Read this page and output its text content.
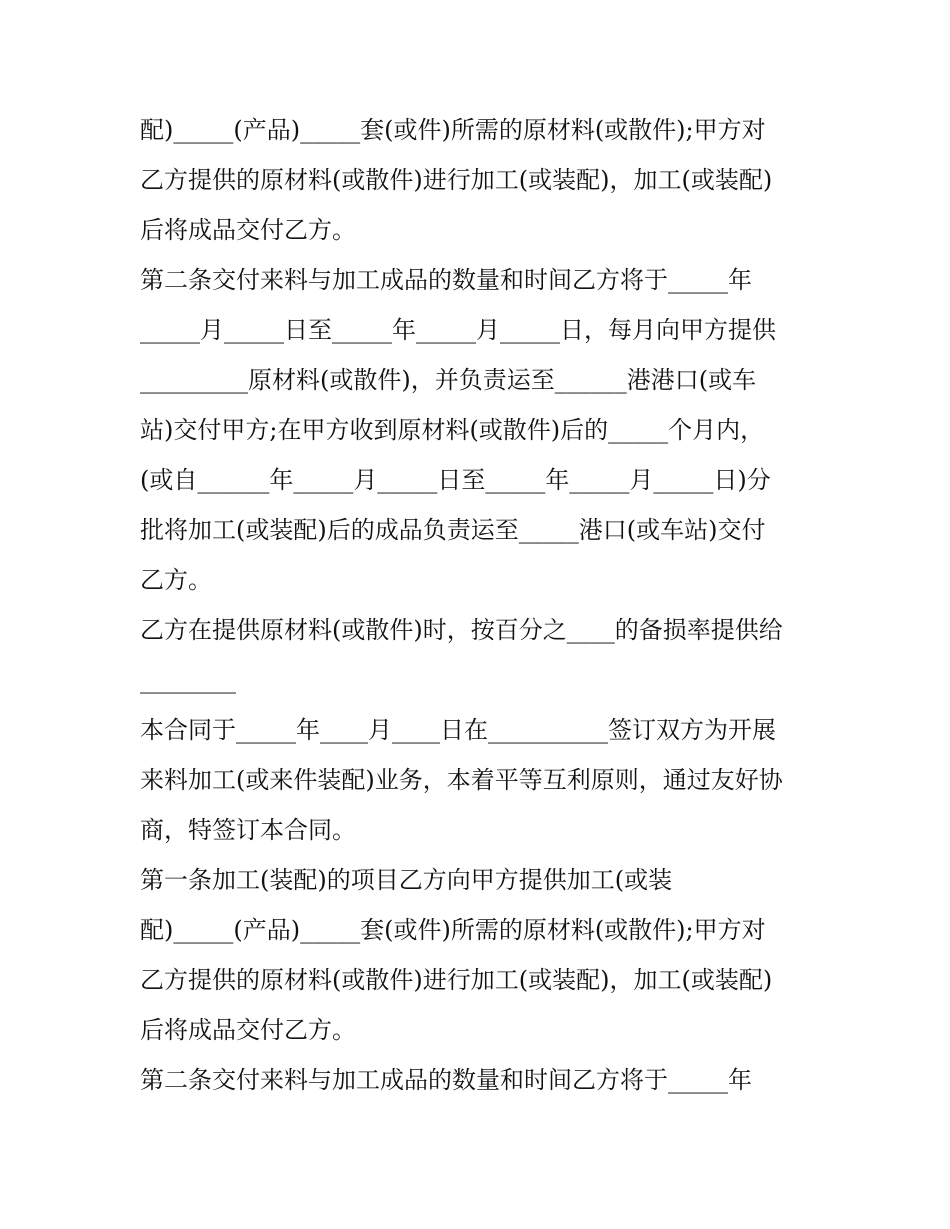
配)_____(产品)_____套(或件)所需的原材料(或散件);甲方对

乙方提供的原材料(或散件)进行加工(或装配)，加工(或装配)

后将成品交付乙方。

第二条交付来料与加工成品的数量和时间乙方将于_____年

_____月_____日至_____年_____月_____日，每月向甲方提供

_________原材料(或散件)，并负责运至______港港口(或车

站)交付甲方;在甲方收到原材料(或散件)后的_____个月内，

(或自______年_____月_____日至_____年_____月_____日)分

批将加工(或装配)后的成品负责运至_____港口(或车站)交付

乙方。

乙方在提供原材料(或散件)时，按百分之____的备损率提供给

________

本合同于_____年____月____日在__________签订双方为开展

来料加工(或来件装配)业务，本着平等互利原则，通过友好协

商，特签订本合同。

第一条加工(装配)的项目乙方向甲方提供加工(或装

配)_____(产品)_____套(或件)所需的原材料(或散件);甲方对

乙方提供的原材料(或散件)进行加工(或装配)，加工(或装配)

后将成品交付乙方。

第二条交付来料与加工成品的数量和时间乙方将于_____年
